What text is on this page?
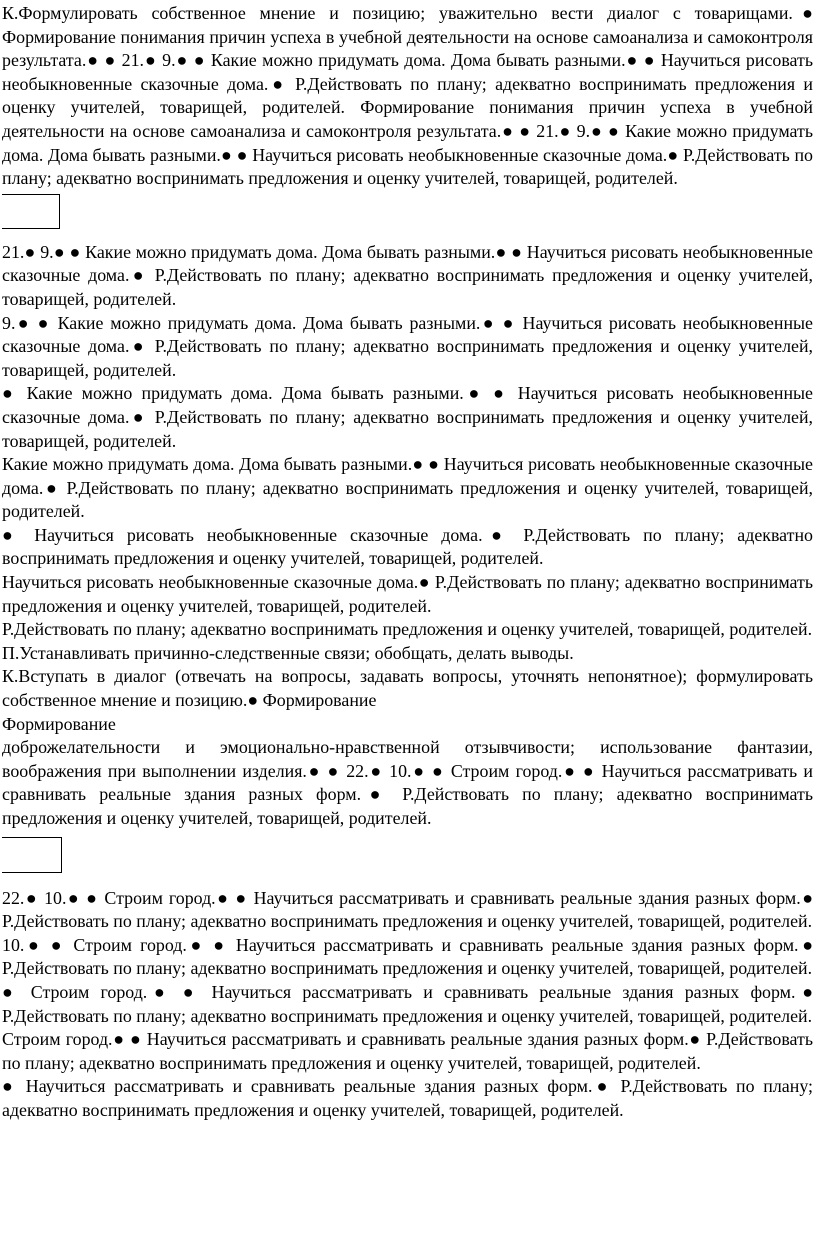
К.Формулировать собственное мнение и позицию; уважительно вести диалог с товарищами.● Формирование понимания причин успеха в учебной деятельности на основе самоанализа и самоконтроля результата.● ● 21.● 9.● ● Какие можно придумать дома. Дома бывать разными.● ● Научиться рисовать необыкновенные сказочные дома.● Р.Действовать по плану; адекватно воспринимать предложения и оценку учителей, товарищей, родителей. Формирование понимания причин успеха в учебной деятельности на основе самоанализа и самоконтроля результата.● ● 21.● 9.● ● Какие можно придумать дома. Дома бывать разными.● ● Научиться рисовать необыкновенные сказочные дома.● Р.Действовать по плану; адекватно воспринимать предложения и оценку учителей, товарищей, родителей.

21.● 9.● ● Какие можно придумать дома. Дома бывать разными.● ● Научиться рисовать необыкновенные сказочные дома.● Р.Действовать по плану; адекватно воспринимать предложения и оценку учителей, товарищей, родителей.

9.● ● Какие можно придумать дома. Дома бывать разными.● ● Научиться рисовать необыкновенные сказочные дома.● Р.Действовать по плану; адекватно воспринимать предложения и оценку учителей, товарищей, родителей.

● Какие можно придумать дома. Дома бывать разными.● ● Научиться рисовать необыкновенные сказочные дома.● Р.Действовать по плану; адекватно воспринимать предложения и оценку учителей, товарищей, родителей.

Какие можно придумать дома. Дома бывать разными.● ● Научиться рисовать необыкновенные сказочные дома.● Р.Действовать по плану; адекватно воспринимать предложения и оценку учителей, товарищей, родителей.

● Научиться рисовать необыкновенные сказочные дома.● Р.Действовать по плану; адекватно воспринимать предложения и оценку учителей, товарищей, родителей.

Научиться рисовать необыкновенные сказочные дома.● Р.Действовать по плану; адекватно воспринимать предложения и оценку учителей, товарищей, родителей.

Р.Действовать по плану; адекватно воспринимать предложения и оценку учителей, товарищей, родителей.

П.Устанавливать причинно-следственные связи; обобщать, делать выводы.

К.Вступать в диалог (отвечать на вопросы, задавать вопросы, уточнять непонятное); формулировать собственное мнение и позицию.● Формирование

Формирование

доброжелательности и эмоционально-нравственной отзывчивости; использование фантазии, воображения при выполнении изделия.● ● 22.● 10.● ● Строим город.● ● Научиться рассматривать и сравнивать реальные здания разных форм.● Р.Действовать по плану; адекватно воспринимать предложения и оценку учителей, товарищей, родителей.

22.● 10.● ● Строим город.● ● Научиться рассматривать и сравнивать реальные здания разных форм.● Р.Действовать по плану; адекватно воспринимать предложения и оценку учителей, товарищей, родителей.

10.● ● Строим город.● ● Научиться рассматривать и сравнивать реальные здания разных форм.● Р.Действовать по плану; адекватно воспринимать предложения и оценку учителей, товарищей, родителей.

● Строим город.● ● Научиться рассматривать и сравнивать реальные здания разных форм.● Р.Действовать по плану; адекватно воспринимать предложения и оценку учителей, товарищей, родителей.

Строим город.● ● Научиться рассматривать и сравнивать реальные здания разных форм.● Р.Действовать по плану; адекватно воспринимать предложения и оценку учителей, товарищей, родителей.

● Научиться рассматривать и сравнивать реальные здания разных форм.● Р.Действовать по плану; адекватно воспринимать предложения и оценку учителей, товарищей, родителей.
